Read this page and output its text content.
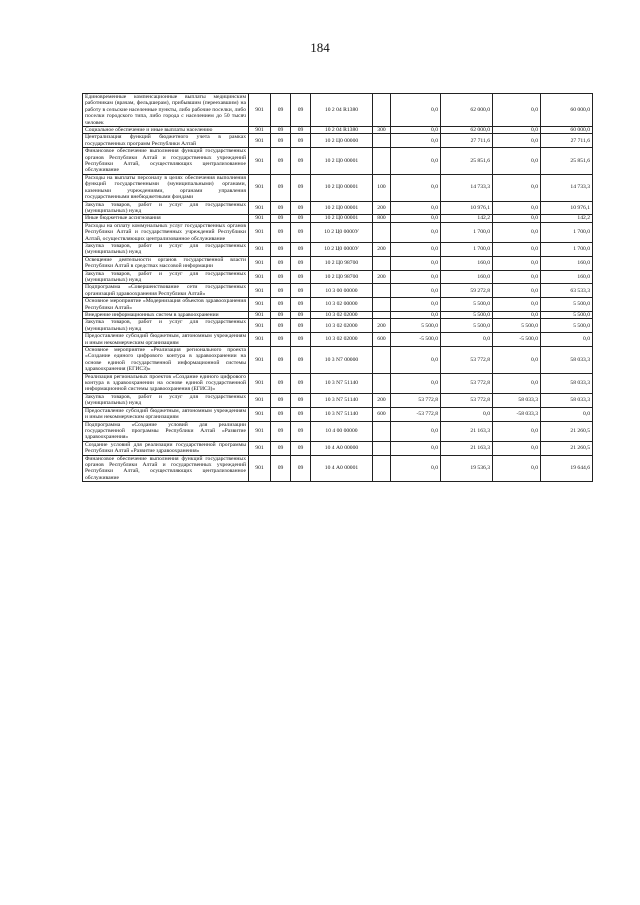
184
Единовременные компенсационные выплаты медицинским работникам (врачам, фельдшерам), прибывшим (переехавшим) на работу в сельские населенные пункты, либо рабочие поселки, либо поселки городского типа, либо города с населением до 50 тысяч человек	901	09	09	10 2 04 R1380		0,0	62 000,0	0,0	60 000,0
Социальное обеспечение и иные выплаты населению	901	09	09	10 2 04 R1380	300	0,0	62 000,0	0,0	60 000,0
Централизация функций бюджетного учета в рамках государственных программ Республики Алтай	901	09	09	10 2 Ц0 00000		0,0	27 711,6	0,0	27 711,6
Финансовое обеспечение выполнения функций государственных органов Республики Алтай и государственных учреждений Республики Алтай, осуществляющих централизованное обслуживание	901	09	09	10 2 Ц0 00001		0,0	25 851,6	0,0	25 851,6
Расходы на выплаты персоналу в целях обеспечения выполнения функций государственными (муниципальными) органами, казенными учреждениями, органами управления государственными внебюджетными фондами	901	09	09	10 2 Ц0 00001	100	0,0	14 733,3	0,0	14 733,3
Закупка товаров, работ и услуг для государственных (муниципальных) нужд	901	09	09	10 2 Ц0 00001	200	0,0	10 976,1	0,0	10 976,1
Иные бюджетные ассигнования	901	09	09	10 2 Ц0 00001	800	0,0	142,2	0,0	142,2
Расходы на оплату коммунальных услуг государственных органов Республики Алтай и государственных учреждений Республики Алтай, осуществляющих централизованное обслуживание	901	09	09	10 2 Ц0 0000У		0,0	1 700,0	0,0	1 700,0
Закупка товаров, работ и услуг для государственных (муниципальных) нужд	901	09	09	10 2 Ц0 0000У	200	0,0	1 700,0	0,0	1 700,0
Освещение деятельности органов государственной власти Республики Алтай в средствах массовой информации	901	09	09	10 2 Ц0 98700		0,0	160,0	0,0	160,0
Закупка товаров, работ и услуг для государственных (муниципальных) нужд	901	09	09	10 2 Ц0 98700	200	0,0	160,0	0,0	160,0
Подпрограмма «Совершенствование сети государственных организаций здравоохранения Республики Алтай»	901	09	09	10 3 00 00000		0,0	59 272,8	0,0	63 533,3
Основное мероприятие «Модернизация объектов здравоохранения Республики Алтай»	901	09	09	10 3 02 00000		0,0	5 500,0	0,0	5 500,0
Внедрение информационных систем в здравоохранении	901	09	09	10 3 02 02000		0,0	5 500,0	0,0	5 500,0
Закупка товаров, работ и услуг для государственных (муниципальных) нужд	901	09	09	10 3 02 02000	200	5 500,0	5 500,0	5 500,0	5 500,0
Предоставление субсидий бюджетным, автономным учреждениям и иным некоммерческим организациям	901	09	09	10 3 02 02000	600	-5 500,0	0,0	-5 500,0	0,0
Основное мероприятие «Реализация регионального проекта «Создание единого цифрового контура в здравоохранении на основе единой государственной информационной системы здравоохранения (ЕГИСЗ)»	901	09	09	10 3 N7 00000		0,0	53 772,8	0,0	58 033,3
Реализация региональных проектов «Создание единого цифрового контура в здравоохранении на основе единой государственной информационной системы здравоохранения (ЕГИСЗ)»	901	09	09	10 3 N7 51140		0,0	53 772,8	0,0	58 033,3
Закупка товаров, работ и услуг для государственных (муниципальных) нужд	901	09	09	10 3 N7 51140	200	53 772,8	53 772,8	58 033,3	58 033,3
Предоставление субсидий бюджетным, автономным учреждениям и иным некоммерческим организациям	901	09	09	10 3 N7 51140	600	-53 772,8	0,0	-58 033,3	0,0
Подпрограмма «Создание условий для реализации государственной программы Республики Алтай «Развитие здравоохранения»	901	09	09	10 4 00 00000		0,0	21 163,3	0,0	21 260,5
Создание условий для реализации государственной программы Республики Алтай «Развитие здравоохранения»	901	09	09	10 4 А0 00000		0,0	21 163,3	0,0	21 260,5
Финансовое обеспечение выполнения функций государственных органов Республики Алтай и государственных учреждений Республики Алтай, осуществляющих централизованное обслуживание	901	09	09	10 4 А0 00001		0,0	19 536,3	0,0	19 644,6
